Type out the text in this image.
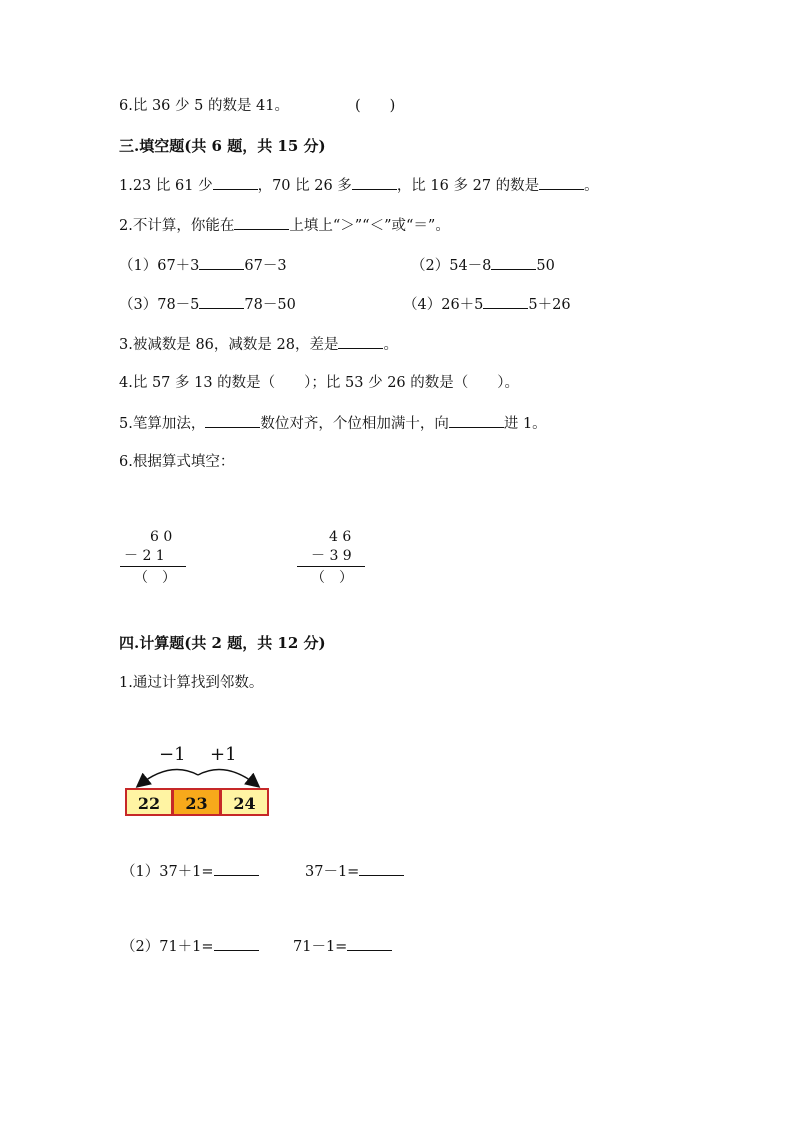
6.比 36 少 5 的数是 41。	(　　)
三.填空题(共 6 题，共 15 分)
1.23 比 61 少	，70 比 26 多	，比 16 多 27 的数是	。
2.不计算，你能在	上填上“＞”“＜”或“＝”。
（1）67＋3	67－3	（2）54－8	50
（3）78－5	78－50	（4）26＋5	5＋26
3.被减数是 86，减数是 28，差是	。
4.比 57 多 13 的数是（　　）；比 53 少 26 的数是（　　）。
5.笔算加法，	数位对齐，个位相加满十，向	进 1。
6.根据算式填空：
6 0
－ 2 1
（　）
4 6
－ 3 9
（　）
四.计算题(共 2 题，共 12 分)
1.通过计算找到邻数。
−1 +1
22	23	24
（1）37＋1=	37－1=
（2）71＋1=	71－1=
